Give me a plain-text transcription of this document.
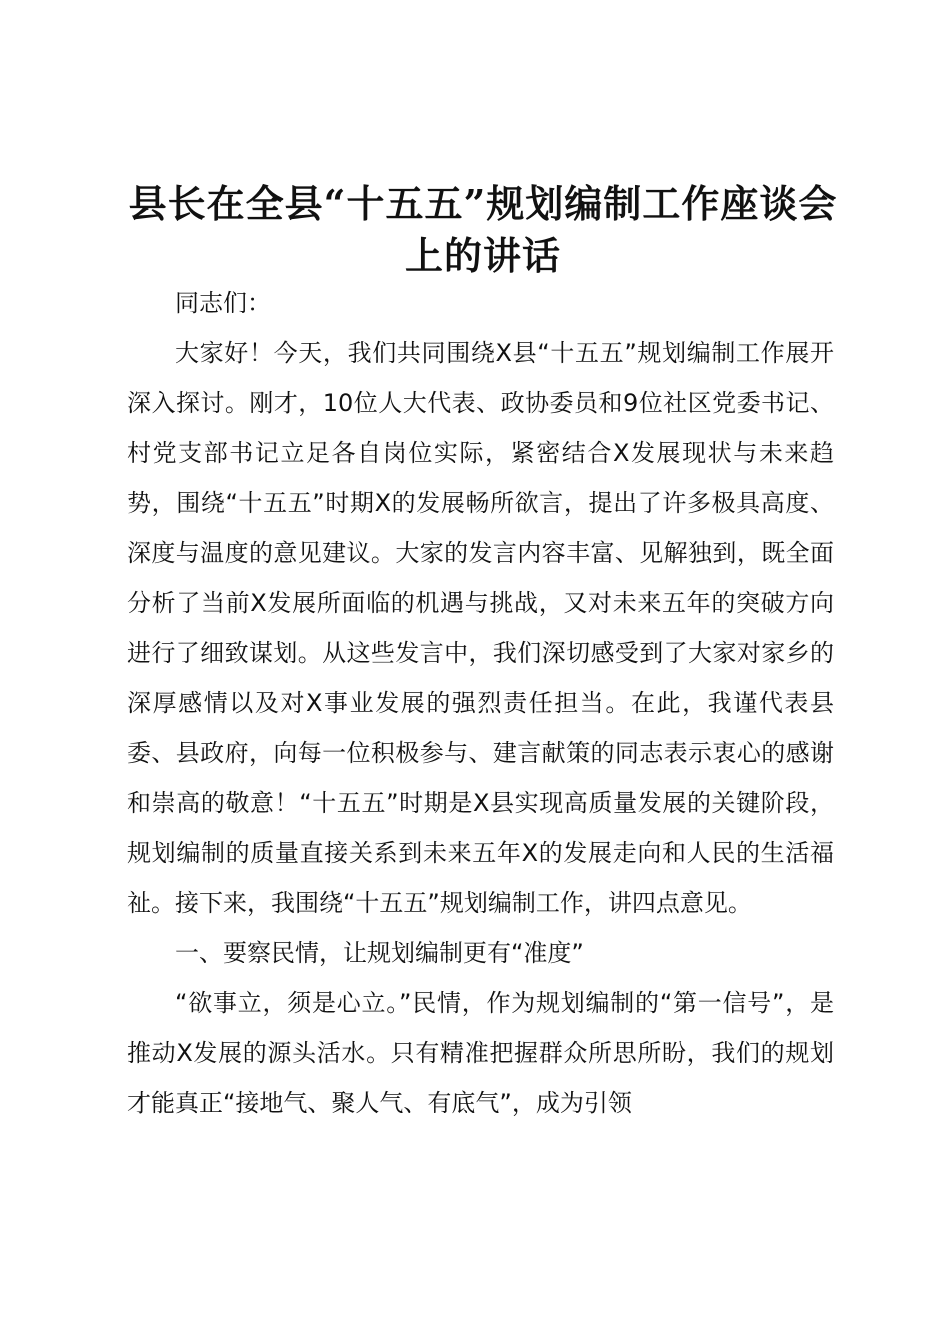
县长在全县“十五五”规划编制工作座谈会上的讲话

同志们：

大家好！今天，我们共同围绕X县“十五五”规划编制工作展开深入探讨。刚才，10位人大代表、政协委员和9位社区党委书记、村党支部书记立足各自岗位实际，紧密结合X发展现状与未来趋势，围绕“十五五”时期X的发展畅所欲言，提出了许多极具高度、深度与温度的意见建议。大家的发言内容丰富、见解独到，既全面分析了当前X发展所面临的机遇与挑战，又对未来五年的突破方向进行了细致谋划。从这些发言中，我们深切感受到了大家对家乡的深厚感情以及对X事业发展的强烈责任担当。在此，我谨代表县委、县政府，向每一位积极参与、建言献策的同志表示衷心的感谢和崇高的敬意！“十五五”时期是X县实现高质量发展的关键阶段，规划编制的质量直接关系到未来五年X的发展走向和人民的生活福祉。接下来，我围绕“十五五”规划编制工作，讲四点意见。

一、要察民情，让规划编制更有“准度”

“欲事立，须是心立。”民情，作为规划编制的“第一信号”，是推动X发展的源头活水。只有精准把握群众所思所盼，我们的规划才能真正“接地气、聚人气、有底气”，成为引领
